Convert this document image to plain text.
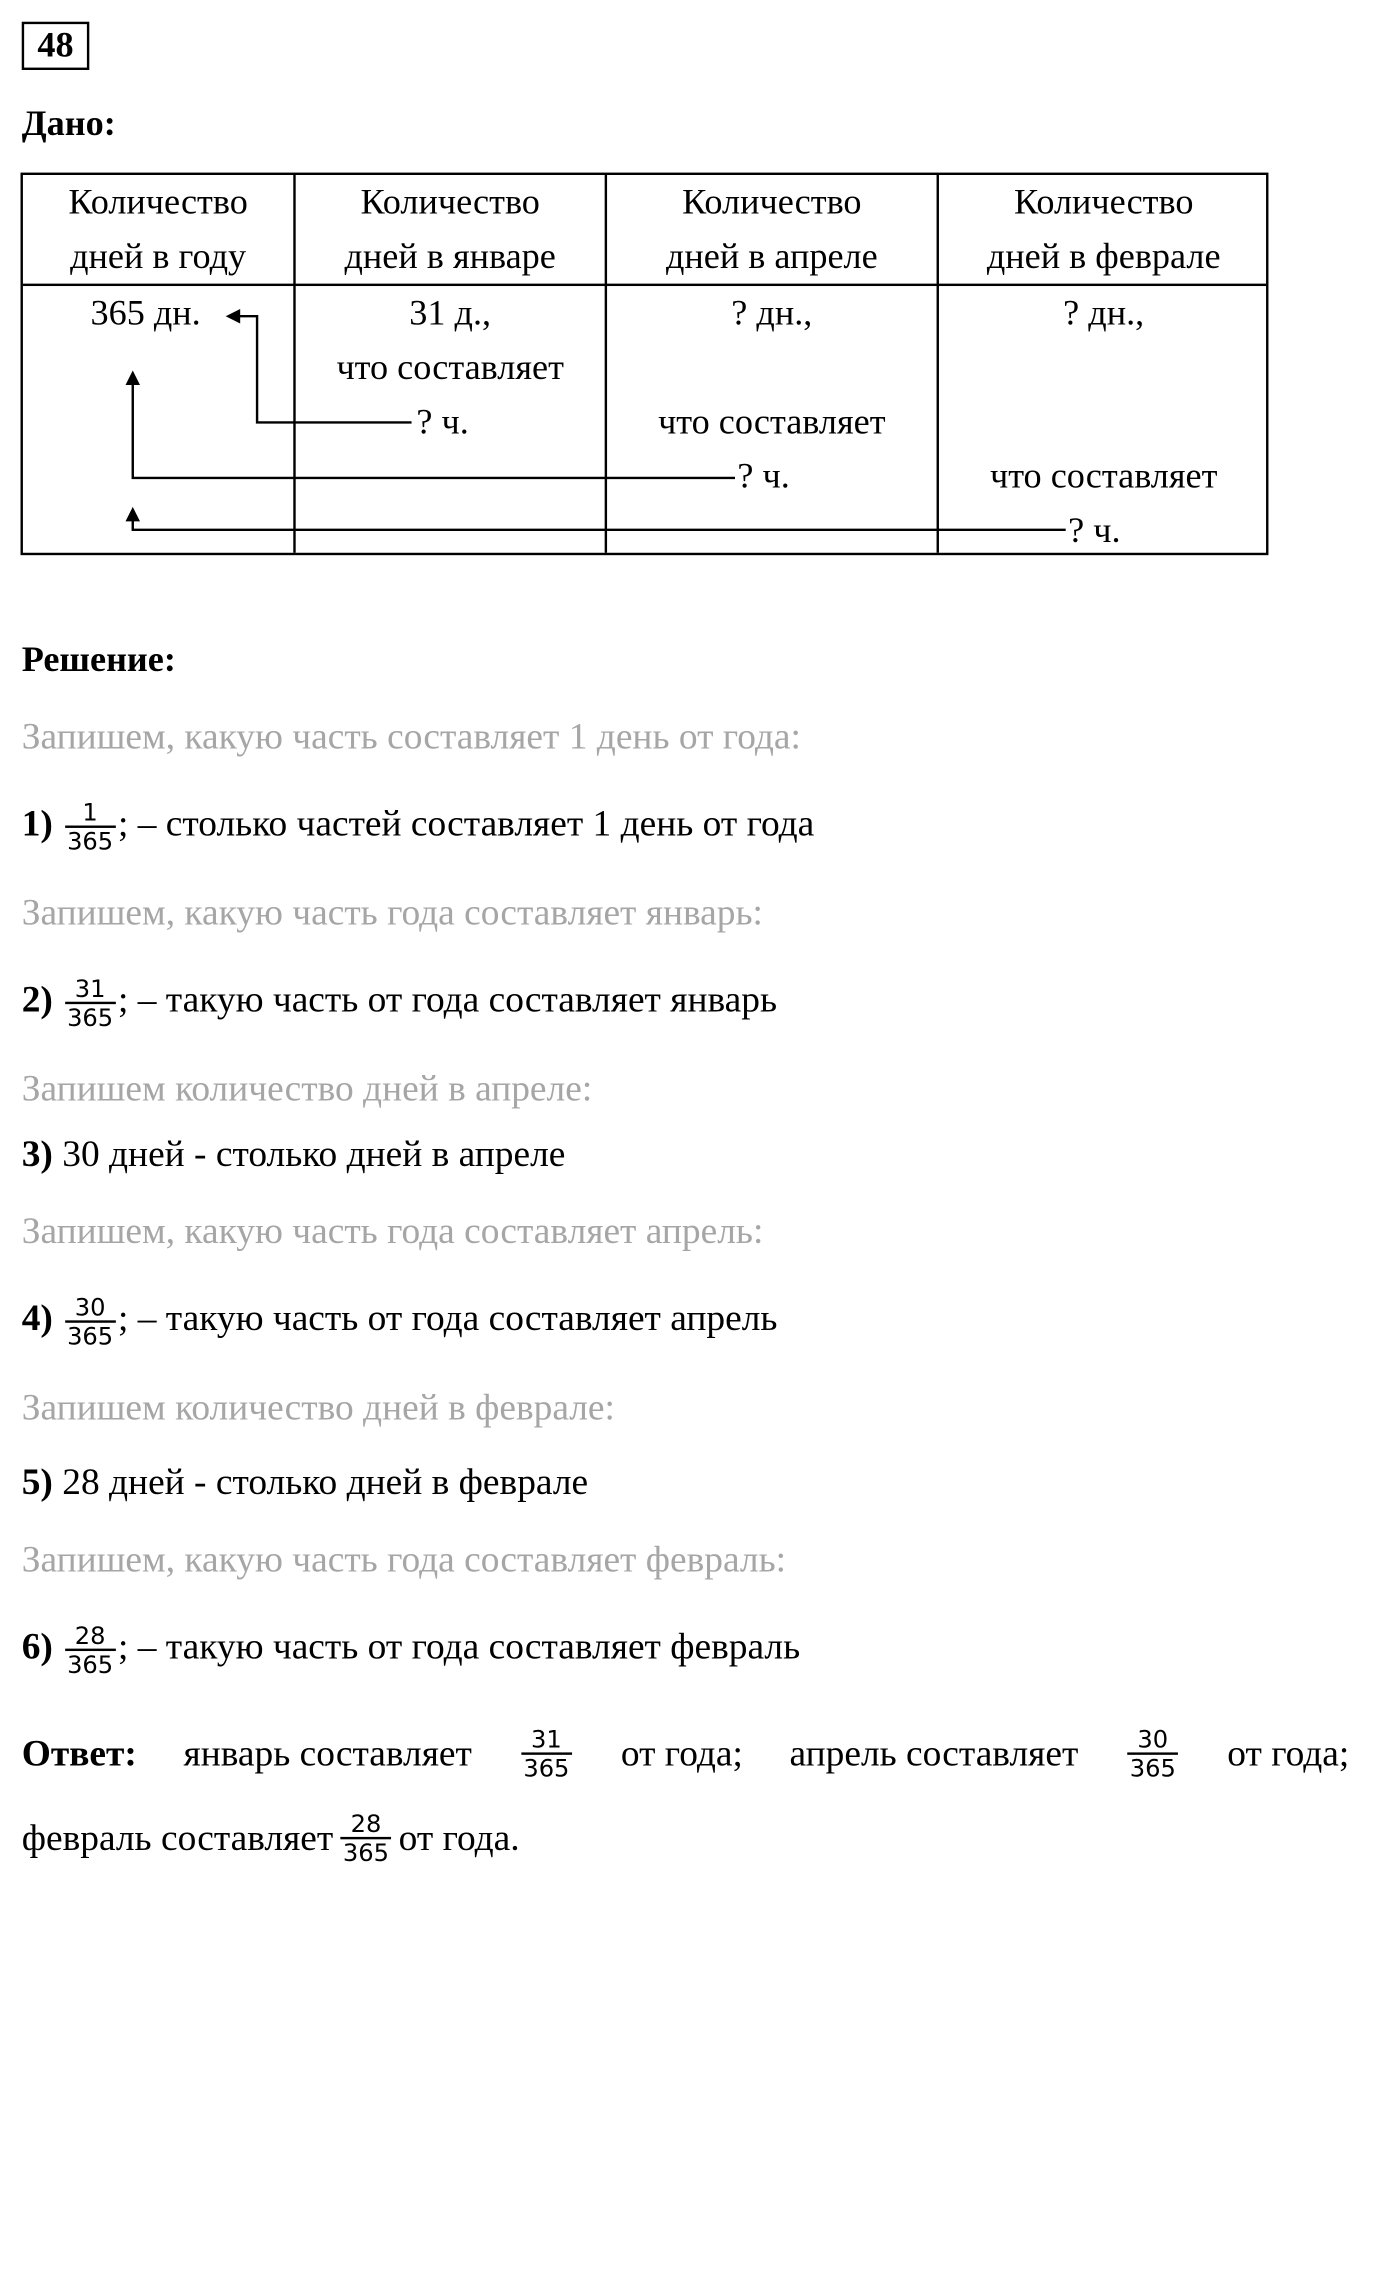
48
Дано:
Количество
дней в году
Количество
дней в январе
Количество
дней в апреле
Количество
дней в феврале
365 дн.	31 д.,
что составляет
? ч.
? дн.,
что составляет
? ч.
? дн.,
что составляет
? ч.
Решение:
Запишем, какую часть составляет 1 день от года:
$1) \frac{1}{365}$ ; – столько частей составляет 1 день от года
Запишем, какую часть года составляет январь:
$2) \frac{31}{365}$ ; – такую часть от года составляет январь
Запишем количество дней в апреле:
3) 30 дней - столько дней в апреле
Запишем, какую часть года составляет апрель:
$4) \frac{30}{365}$ ; – такую часть от года составляет апрель
Запишем количество дней в феврале:
5) 28 дней - столько дней в феврале
Запишем, какую часть года составляет февраль:
$6) \frac{28}{365}$ ; – такую часть от года составляет февраль
Ответ: январь составляет $\frac{31}{365}$ от года; апрель составляет $\frac{30}{365}$ от года;
февраль составляет $\frac{28}{365}$ от года.
